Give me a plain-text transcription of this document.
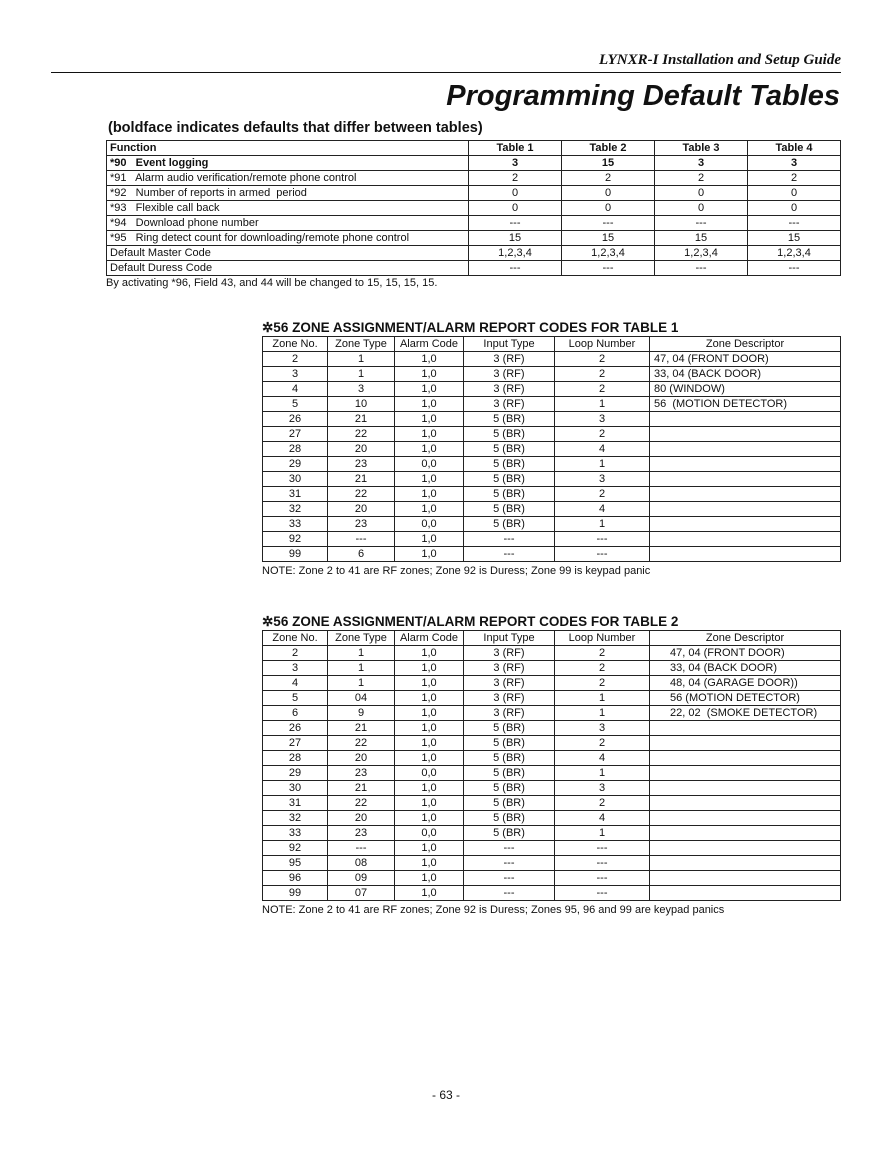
LYNXR-I Installation and Setup Guide
Programming Default Tables
(boldface indicates defaults that differ between tables)
Function	Table 1	Table 2	Table 3	Table 4
*90   Event logging	3	15	3	3
*91   Alarm audio verification/remote phone control	2	2	2	2
*92   Number of reports in armed  period	0	0	0	0
*93   Flexible call back	0	0	0	0
*94   Download phone number	---	---	---	---
*95   Ring detect count for downloading/remote phone control	15	15	15	15
Default Master Code	1,2,3,4	1,2,3,4	1,2,3,4	1,2,3,4
Default Duress Code	---	---	---	---
By activating *96, Field 43, and 44 will be changed to 15, 15, 15, 15.
✲56 ZONE ASSIGNMENT/ALARM REPORT CODES FOR TABLE 1
Zone No.	Zone Type	Alarm Code	Input Type	Loop Number	Zone Descriptor
2	1	1,0	3 (RF)	2	47, 04 (FRONT DOOR)
3	1	1,0	3 (RF)	2	33, 04 (BACK DOOR)
4	3	1,0	3 (RF)	2	80 (WINDOW)
5	10	1,0	3 (RF)	1	56  (MOTION DETECTOR)
26	21	1,0	5 (BR)	3	
27	22	1,0	5 (BR)	2	
28	20	1,0	5 (BR)	4	
29	23	0,0	5 (BR)	1	
30	21	1,0	5 (BR)	3	
31	22	1,0	5 (BR)	2	
32	20	1,0	5 (BR)	4	
33	23	0,0	5 (BR)	1	
92	---	1,0	---	---	
99	6	1,0	---	---	
NOTE: Zone 2 to 41 are RF zones; Zone 92 is Duress; Zone 99 is keypad panic
✲56 ZONE ASSIGNMENT/ALARM REPORT CODES FOR TABLE 2
Zone No.	Zone Type	Alarm Code	Input Type	Loop Number	Zone Descriptor
2	1	1,0	3 (RF)	2	47, 04 (FRONT DOOR)
3	1	1,0	3 (RF)	2	33, 04 (BACK DOOR)
4	1	1,0	3 (RF)	2	48, 04 (GARAGE DOOR))
5	04	1,0	3 (RF)	1	56 (MOTION DETECTOR)
6	9	1,0	3 (RF)	1	22, 02  (SMOKE DETECTOR)
26	21	1,0	5 (BR)	3	
27	22	1,0	5 (BR)	2	
28	20	1,0	5 (BR)	4	
29	23	0,0	5 (BR)	1	
30	21	1,0	5 (BR)	3	
31	22	1,0	5 (BR)	2	
32	20	1,0	5 (BR)	4	
33	23	0,0	5 (BR)	1	
92	---	1,0	---	---	
95	08	1,0	---	---	
96	09	1,0	---	---	
99	07	1,0	---	---	
NOTE: Zone 2 to 41 are RF zones; Zone 92 is Duress; Zones 95, 96 and 99 are keypad panics
- 63 -
